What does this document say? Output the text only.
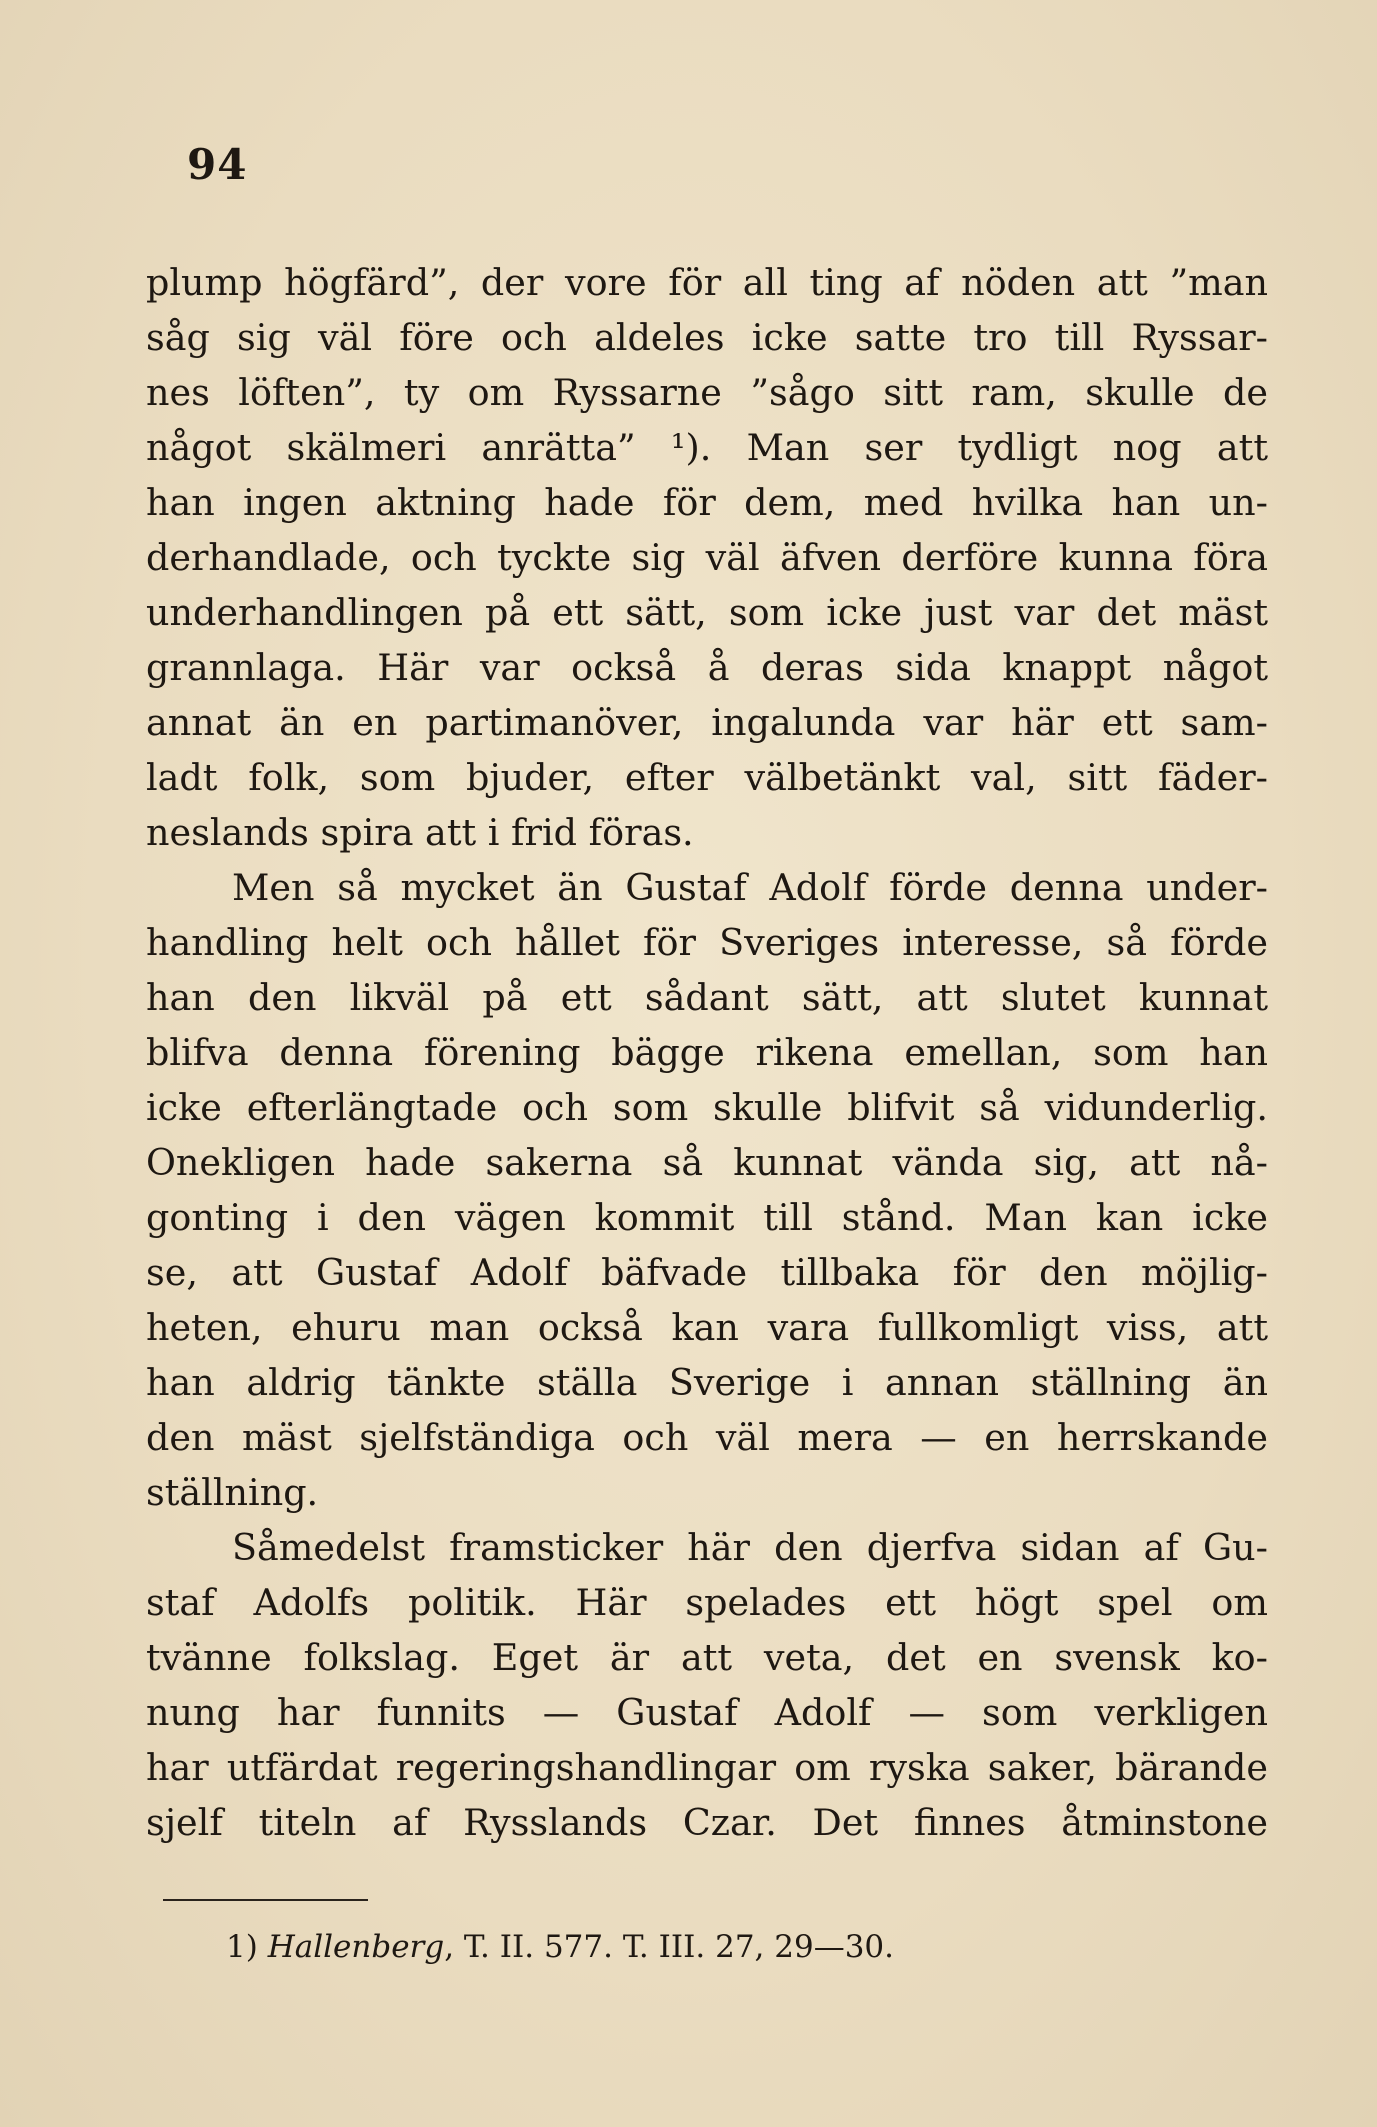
94
plump högfärd”, der vore för all ting af nöden att ”man
såg sig väl före och aldeles icke satte tro till Ryssar-
nes löften”, ty om Ryssarne ”sågo sitt ram, skulle de
något skälmeri anrätta” ¹). Man ser tydligt nog att
han ingen aktning hade för dem, med hvilka han un-
derhandlade, och tyckte sig väl äfven derföre kunna föra
underhandlingen på ett sätt, som icke just var det mäst
grannlaga. Här var också å deras sida knappt något
annat än en partimanöver, ingalunda var här ett sam-
ladt folk, som bjuder, efter välbetänkt val, sitt fäder-
neslands spira att i frid föras.
Men så mycket än Gustaf Adolf förde denna under-
handling helt och hållet för Sveriges interesse, så förde
han den likväl på ett sådant sätt, att slutet kunnat
blifva denna förening bägge rikena emellan, som han
icke efterlängtade och som skulle blifvit så vidunderlig.
Onekligen hade sakerna så kunnat vända sig, att nå-
gonting i den vägen kommit till stånd. Man kan icke
se, att Gustaf Adolf bäfvade tillbaka för den möjlig-
heten, ehuru man också kan vara fullkomligt viss, att
han aldrig tänkte ställa Sverige i annan ställning än
den mäst sjelfständiga och väl mera — en herrskande
ställning.
Såmedelst framsticker här den djerfva sidan af Gu-
staf Adolfs politik. Här spelades ett högt spel om
tvänne folkslag. Eget är att veta, det en svensk ko-
nung har funnits — Gustaf Adolf — som verkligen
har utfärdat regeringshandlingar om ryska saker, bärande
sjelf titeln af Rysslands Czar. Det finnes åtminstone
1) Hallenberg, T. II. 577. T. III. 27, 29—30.
